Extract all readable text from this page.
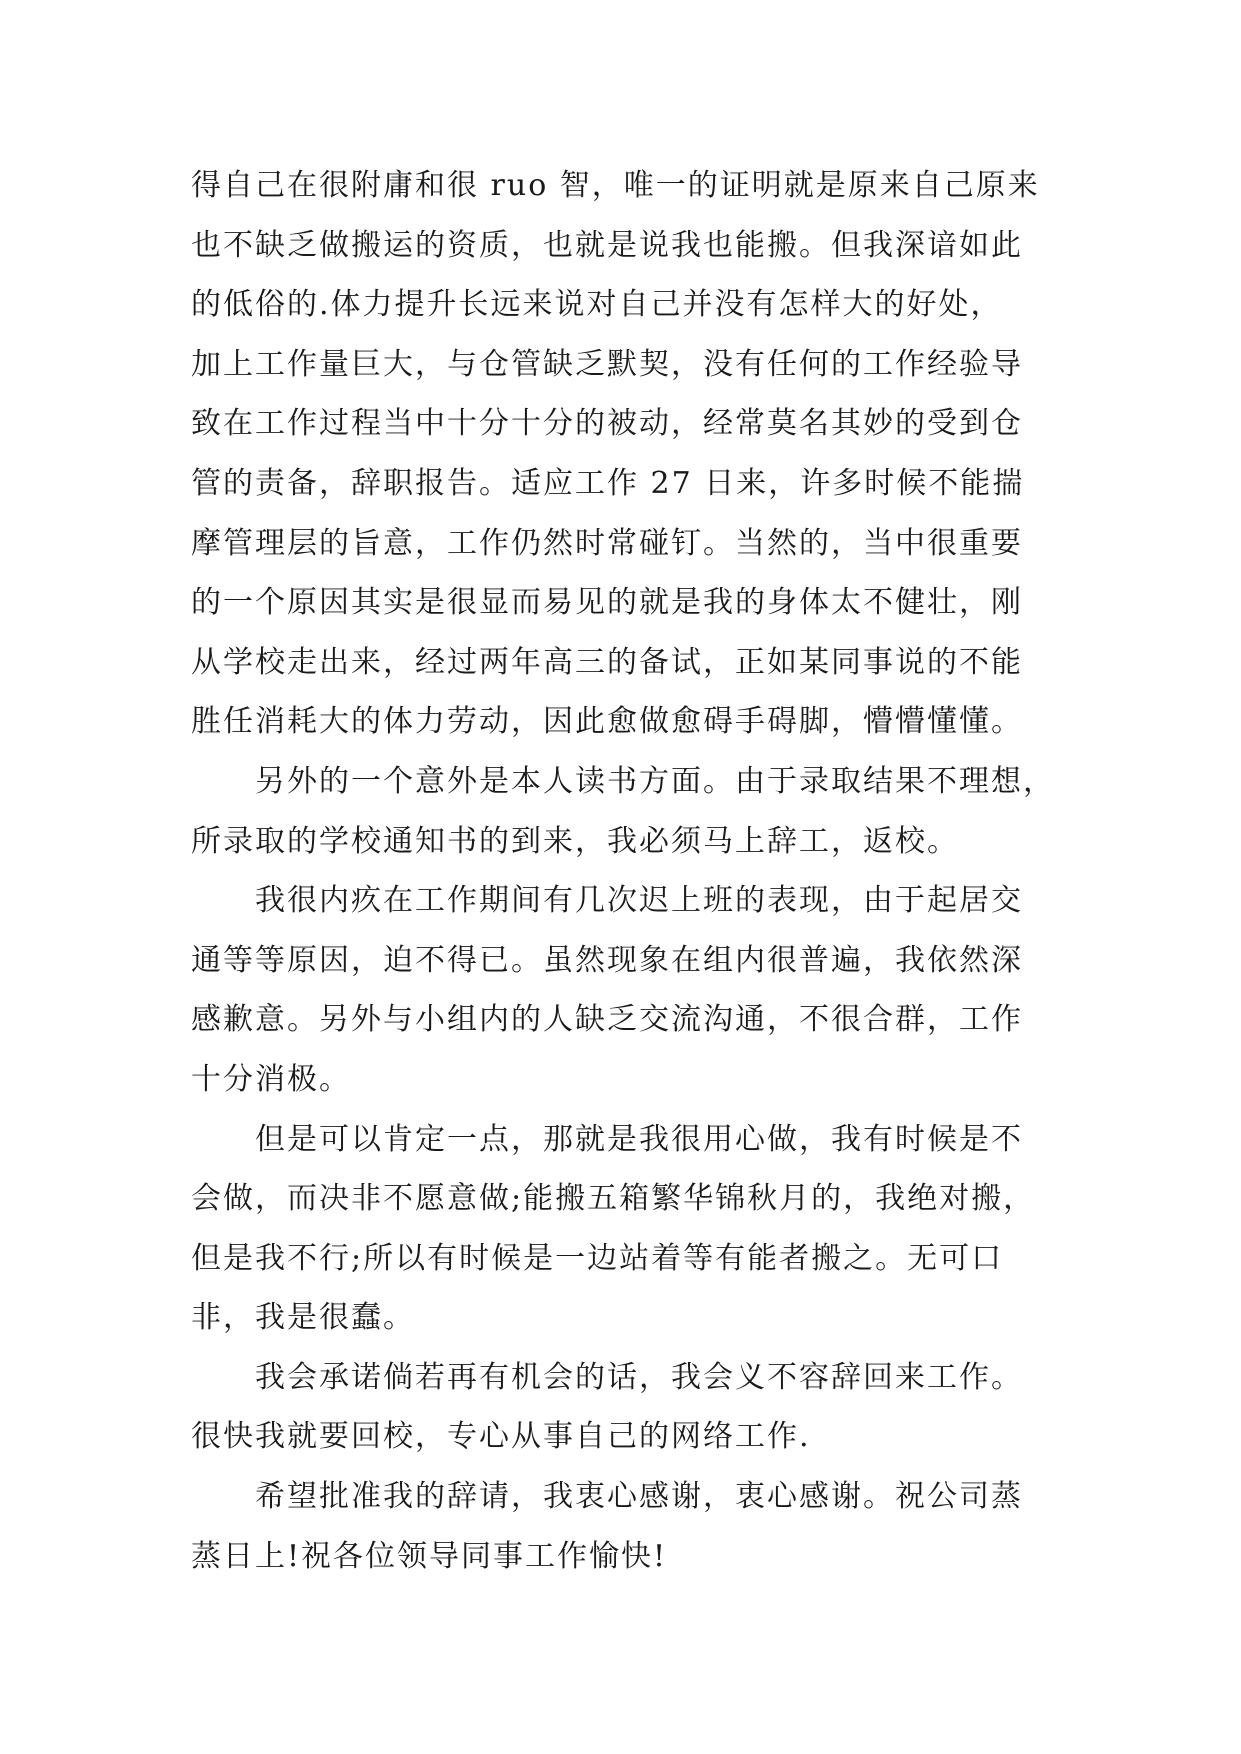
得自己在很附庸和很 ruo 智，唯一的证明就是原来自己原来
也不缺乏做搬运的资质，也就是说我也能搬。但我深谙如此
的低俗的.体力提升长远来说对自己并没有怎样大的好处，
加上工作量巨大，与仓管缺乏默契，没有任何的工作经验导
致在工作过程当中十分十分的被动，经常莫名其妙的受到仓
管的责备，辞职报告。适应工作 27 日来，许多时候不能揣
摩管理层的旨意，工作仍然时常碰钉。当然的，当中很重要
的一个原因其实是很显而易见的就是我的身体太不健壮，刚
从学校走出来，经过两年高三的备试，正如某同事说的不能
胜任消耗大的体力劳动，因此愈做愈碍手碍脚，懵懵懂懂。
另外的一个意外是本人读书方面。由于录取结果不理想，
所录取的学校通知书的到来，我必须马上辞工，返校。
我很内疚在工作期间有几次迟上班的表现，由于起居交
通等等原因，迫不得已。虽然现象在组内很普遍，我依然深
感歉意。另外与小组内的人缺乏交流沟通，不很合群，工作
十分消极。
但是可以肯定一点，那就是我很用心做，我有时候是不
会做，而决非不愿意做;能搬五箱繁华锦秋月的，我绝对搬，
但是我不行;所以有时候是一边站着等有能者搬之。无可口
非，我是很蠢。
我会承诺倘若再有机会的话，我会义不容辞回来工作。
很快我就要回校，专心从事自己的网络工作.
希望批准我的辞请，我衷心感谢，衷心感谢。祝公司蒸
蒸日上!祝各位领导同事工作愉快!
